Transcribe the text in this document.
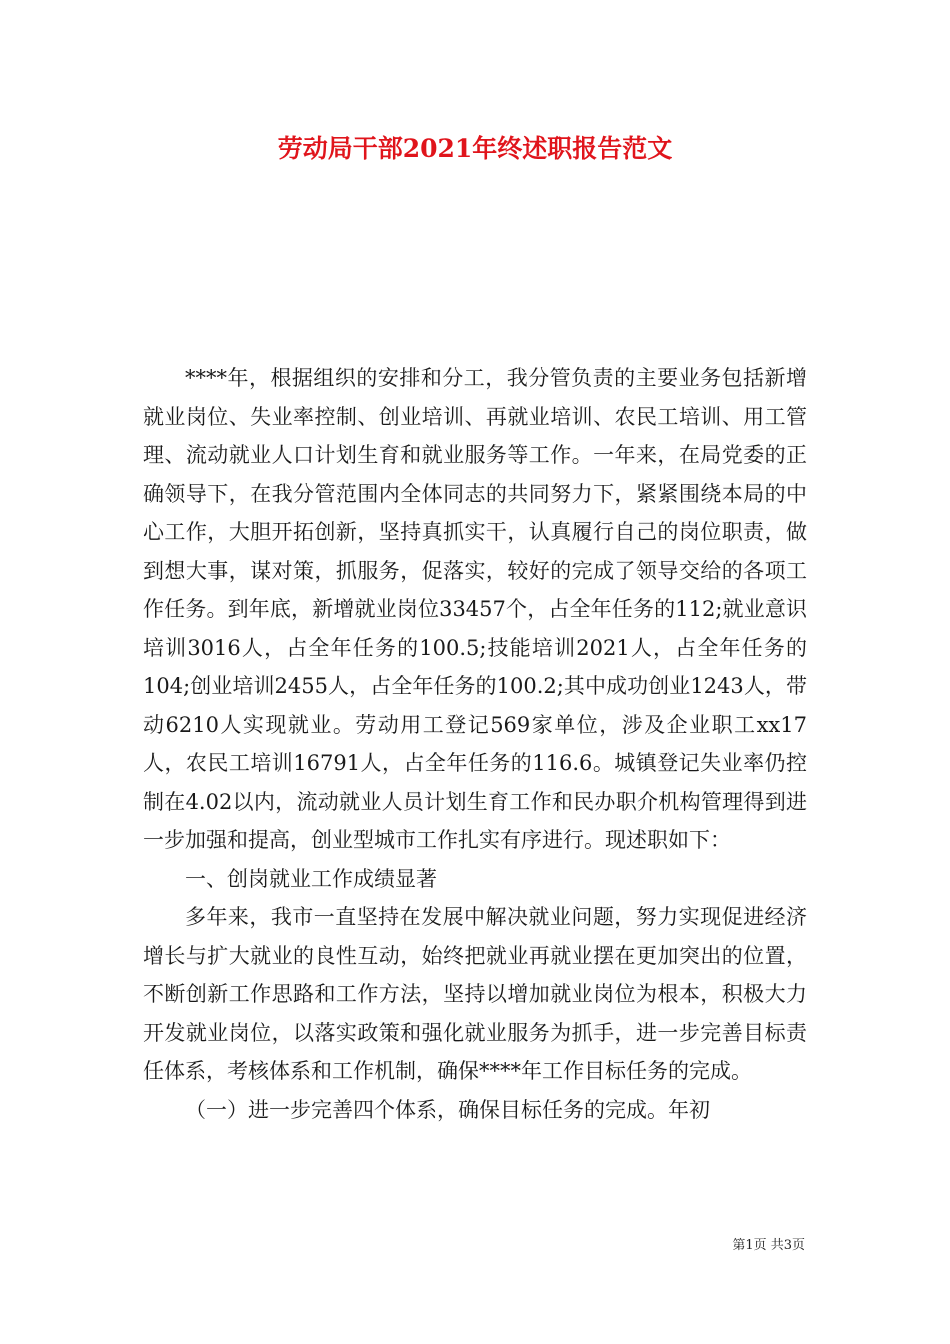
劳动局干部2021年终述职报告范文

****年，根据组织的安排和分工，我分管负责的主要业务包括新增就业岗位、失业率控制、创业培训、再就业培训、农民工培训、用工管理、流动就业人口计划生育和就业服务等工作。一年来，在局党委的正确领导下，在我分管范围内全体同志的共同努力下，紧紧围绕本局的中心工作，大胆开拓创新，坚持真抓实干，认真履行自己的岗位职责，做到想大事，谋对策，抓服务，促落实，较好的完成了领导交给的各项工作任务。到年底，新增就业岗位33457个，占全年任务的112;就业意识培训3016人，占全年任务的100.5;技能培训2021人，占全年任务的104;创业培训2455人，占全年任务的100.2;其中成功创业1243人，带动6210人实现就业。劳动用工登记569家单位，涉及企业职工xx17人，农民工培训16791人，占全年任务的116.6。城镇登记失业率仍控制在4.02以内，流动就业人员计划生育工作和民办职介机构管理得到进一步加强和提高，创业型城市工作扎实有序进行。现述职如下：

一、创岗就业工作成绩显著

多年来，我市一直坚持在发展中解决就业问题，努力实现促进经济增长与扩大就业的良性互动，始终把就业再就业摆在更加突出的位置，不断创新工作思路和工作方法，坚持以增加就业岗位为根本，积极大力开发就业岗位，以落实政策和强化就业服务为抓手，进一步完善目标责任体系，考核体系和工作机制，确保****年工作目标任务的完成。

（一）进一步完善四个体系，确保目标任务的完成。年初

第1页 共3页
